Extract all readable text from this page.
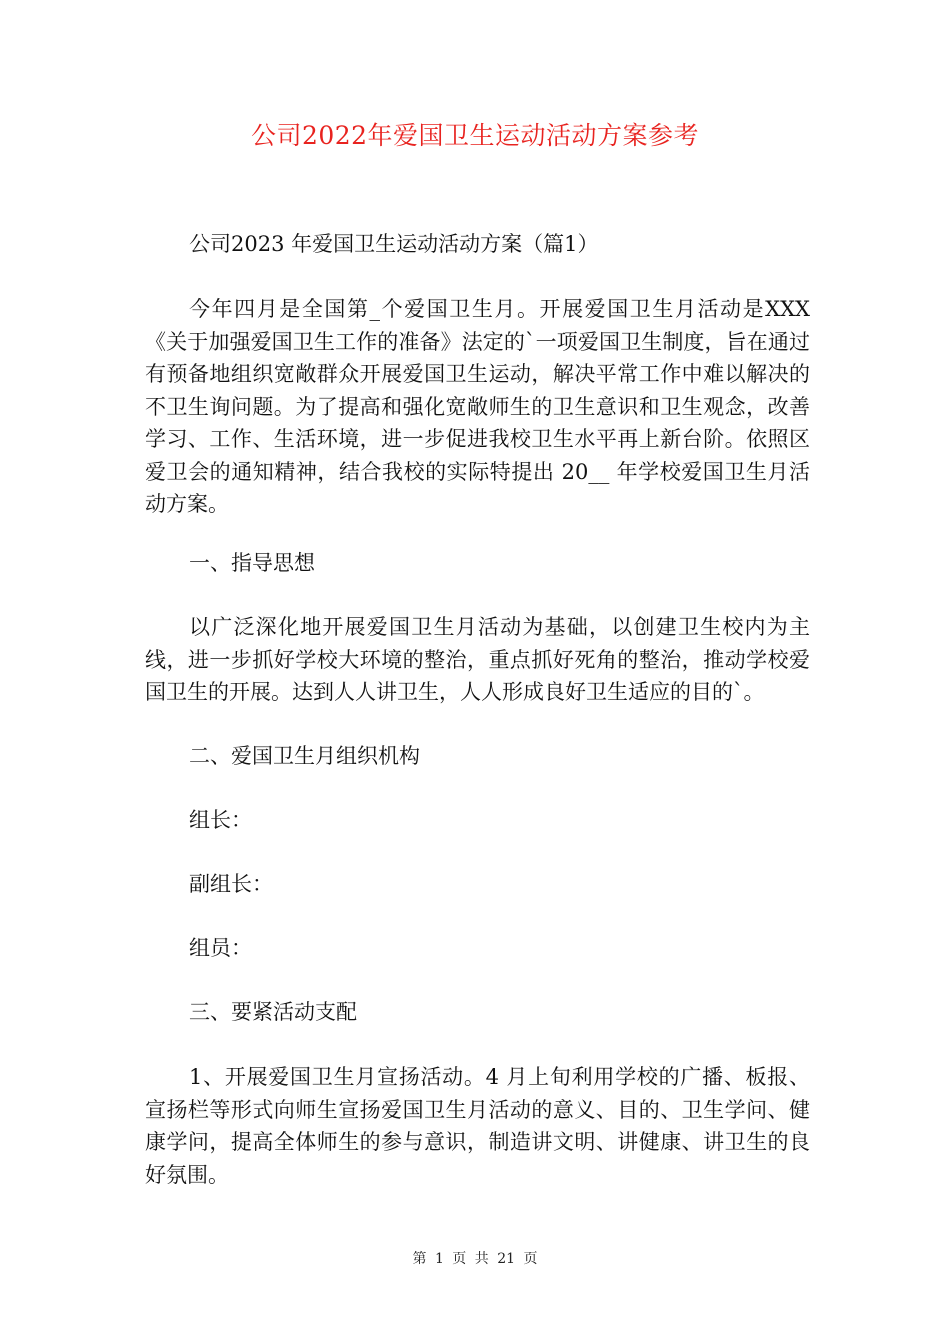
公司2022年爱国卫生运动活动方案参考

公司2023 年爱国卫生运动活动方案（篇1）

今年四月是全国第_个爱国卫生月。开展爱国卫生月活动是XXX《关于加强爱国卫生工作的准备》法定的`一项爱国卫生制度，旨在通过有预备地组织宽敞群众开展爱国卫生运动，解决平常工作中难以解决的不卫生询问题。为了提高和强化宽敞师生的卫生意识和卫生观念，改善学习、工作、生活环境，进一步促进我校卫生水平再上新台阶。依照区爱卫会的通知精神，结合我校的实际特提出 20__ 年学校爱国卫生月活动方案。

一、指导思想

以广泛深化地开展爱国卫生月活动为基础，以创建卫生校内为主线，进一步抓好学校大环境的整治，重点抓好死角的整治，推动学校爱国卫生的开展。达到人人讲卫生，人人形成良好卫生适应的目的`。

二、爱国卫生月组织机构

组长：

副组长：

组员：

三、要紧活动支配

1、开展爱国卫生月宣扬活动。4 月上旬利用学校的广播、板报、宣扬栏等形式向师生宣扬爱国卫生月活动的意义、目的、卫生学问、健康学问，提高全体师生的参与意识，制造讲文明、讲健康、讲卫生的良好氛围。

第 1 页 共 21 页
